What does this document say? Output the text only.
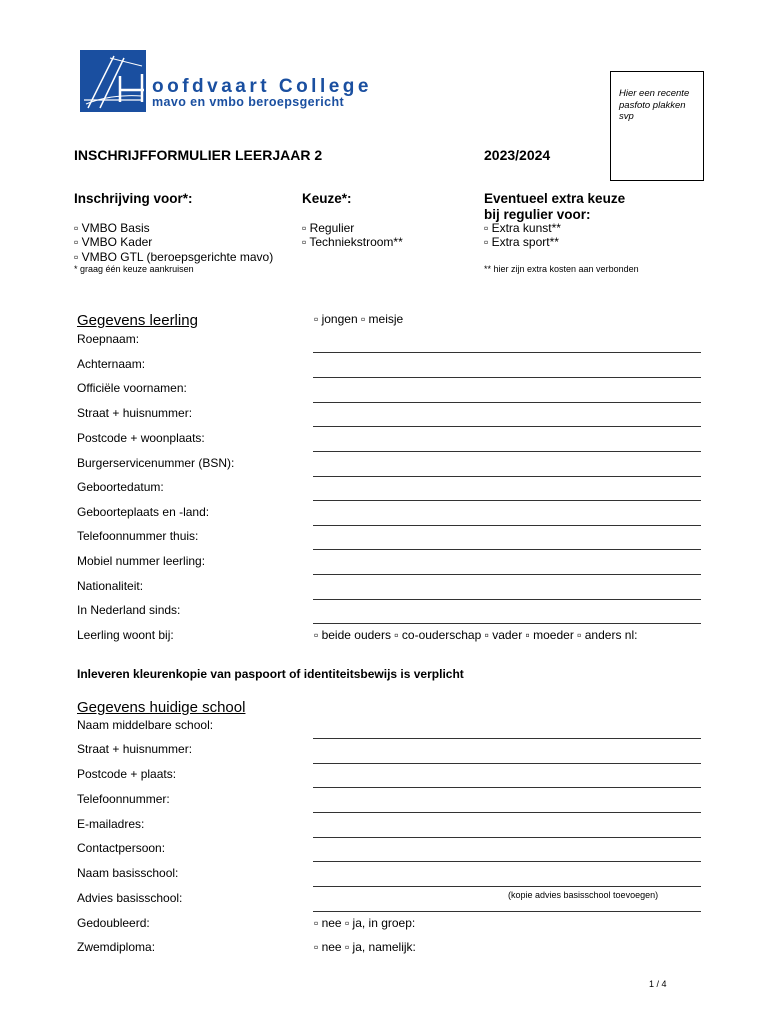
oofdvaart College
mavo en vmbo beroepsgericht
Hier een recente
pasfoto plakken
svp
INSCHRIJFFORMULIER LEERJAAR 2	2023/2024
Inschrijving voor*:
▫ VMBO Basis
▫ VMBO Kader
▫ VMBO GTL (beroepsgerichte mavo)
* graag één keuze aankruisen
Keuze*:
▫ Regulier
▫ Techniekstroom**
Eventueel extra keuze
bij regulier voor:
▫ Extra kunst**
▫ Extra sport**
** hier zijn extra kosten aan verbonden
Gegevens leerling	▫ jongen ▫ meisje
Roepnaam:
Achternaam:
Officiële voornamen:
Straat + huisnummer:
Postcode + woonplaats:
Burgerservicenummer (BSN):
Geboortedatum:
Geboorteplaats en -land:
Telefoonnummer thuis:
Mobiel nummer leerling:
Nationaliteit:
In Nederland sinds:
Leerling woont bij:	▫ beide ouders ▫ co-ouderschap ▫ vader ▫ moeder ▫ anders nl:
Inleveren kleurenkopie van paspoort of identiteitsbewijs is verplicht
Gegevens huidige school
Naam middelbare school:
Straat + huisnummer:
Postcode + plaats:
Telefoonnummer:
E-mailadres:
Contactpersoon:
Naam basisschool:
Advies basisschool:	(kopie advies basisschool toevoegen)
Gedoubleerd:	▫ nee ▫ ja, in groep:
Zwemdiploma:	▫ nee ▫ ja, namelijk:
1 / 4
